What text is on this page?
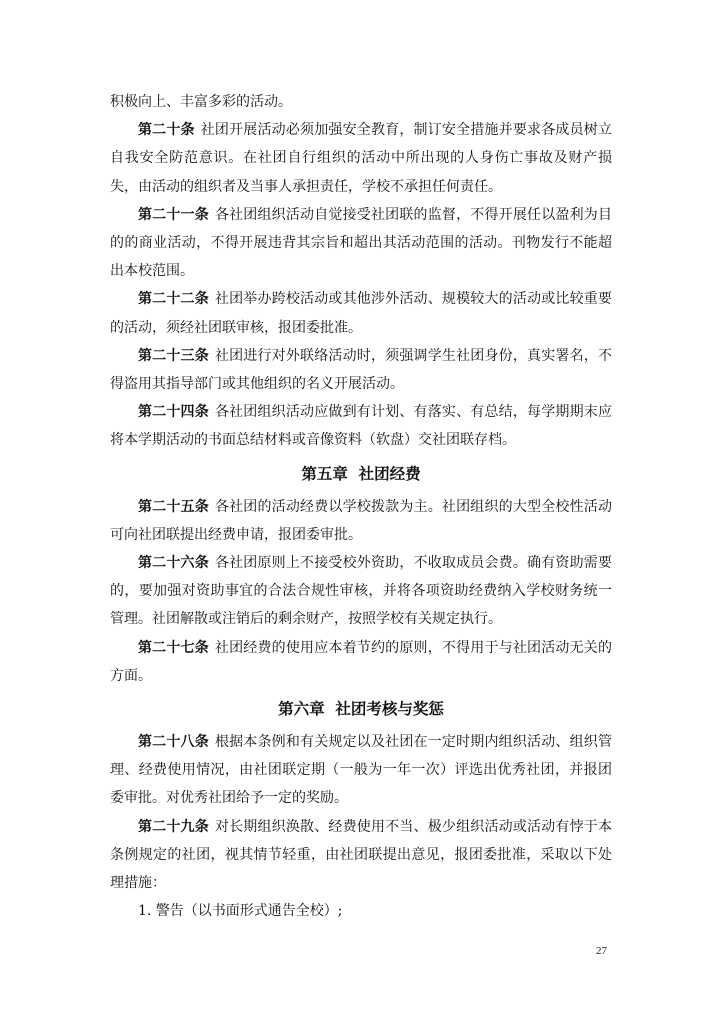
积极向上、丰富多彩的活动。

第二十条 社团开展活动必须加强安全教育，制订安全措施并要求各成员树立自我安全防范意识。在社团自行组织的活动中所出现的人身伤亡事故及财产损失，由活动的组织者及当事人承担责任，学校不承担任何责任。

第二十一条 各社团组织活动自觉接受社团联的监督，不得开展任以盈利为目的的商业活动，不得开展违背其宗旨和超出其活动范围的活动。刊物发行不能超出本校范围。

第二十二条 社团举办跨校活动或其他涉外活动、规模较大的活动或比较重要的活动，须经社团联审核，报团委批准。

第二十三条 社团进行对外联络活动时，须强调学生社团身份，真实署名，不得盗用其指导部门或其他组织的名义开展活动。

第二十四条 各社团组织活动应做到有计划、有落实、有总结，每学期期末应将本学期活动的书面总结材料或音像资料（软盘）交社团联存档。

第五章  社团经费

第二十五条 各社团的活动经费以学校拨款为主。社团组织的大型全校性活动可向社团联提出经费申请，报团委审批。

第二十六条 各社团原则上不接受校外资助，不收取成员会费。确有资助需要的，要加强对资助事宜的合法合规性审核，并将各项资助经费纳入学校财务统一管理。社团解散或注销后的剩余财产，按照学校有关规定执行。

第二十七条 社团经费的使用应本着节约的原则，不得用于与社团活动无关的方面。

第六章  社团考核与奖惩

第二十八条 根据本条例和有关规定以及社团在一定时期内组织活动、组织管理、经费使用情况，由社团联定期（一般为一年一次）评选出优秀社团，并报团委审批。对优秀社团给予一定的奖励。

第二十九条 对长期组织涣散、经费使用不当、极少组织活动或活动有悖于本条例规定的社团，视其情节轻重，由社团联提出意见，报团委批准，采取以下处理措施：

1. 警告（以书面形式通告全校）;

27
